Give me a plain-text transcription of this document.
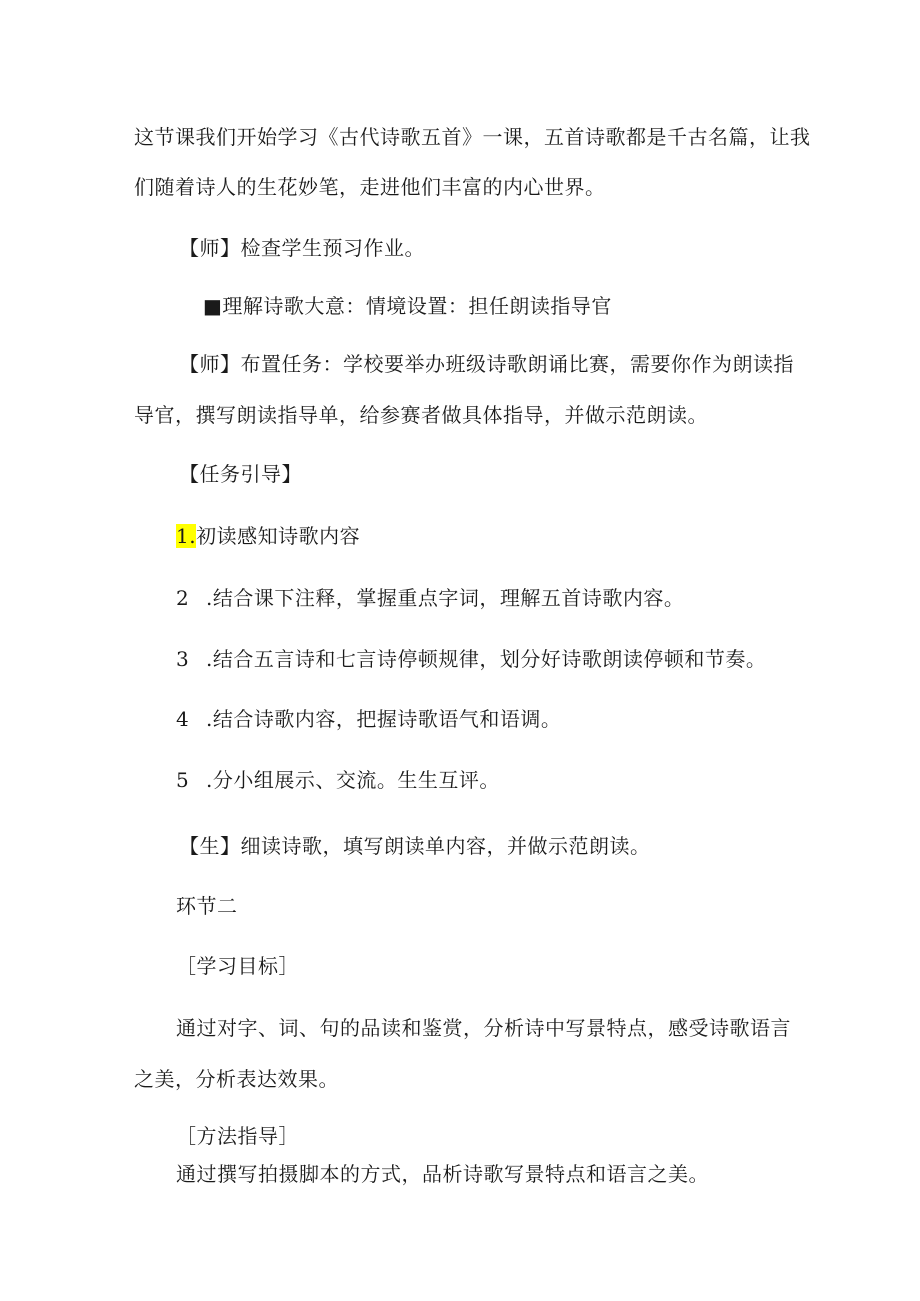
这节课我们开始学习《古代诗歌五首》一课，五首诗歌都是千古名篇，让我
们随着诗人的生花妙笔，走进他们丰富的内心世界。
【师】检查学生预习作业。
■理解诗歌大意：情境设置：担任朗读指导官
【师】布置任务：学校要举办班级诗歌朗诵比赛，需要你作为朗读指
导官，撰写朗读指导单，给参赛者做具体指导，并做示范朗读。
【任务引导】
1.初读感知诗歌内容
2 .结合课下注释，掌握重点字词，理解五首诗歌内容。
3 .结合五言诗和七言诗停顿规律，划分好诗歌朗读停顿和节奏。
4 .结合诗歌内容，把握诗歌语气和语调。
5 .分小组展示、交流。生生互评。
【生】细读诗歌，填写朗读单内容，并做示范朗读。
环节二
［学习目标］
通过对字、词、句的品读和鉴赏，分析诗中写景特点，感受诗歌语言
之美，分析表达效果。
［方法指导］
通过撰写拍摄脚本的方式，品析诗歌写景特点和语言之美。
